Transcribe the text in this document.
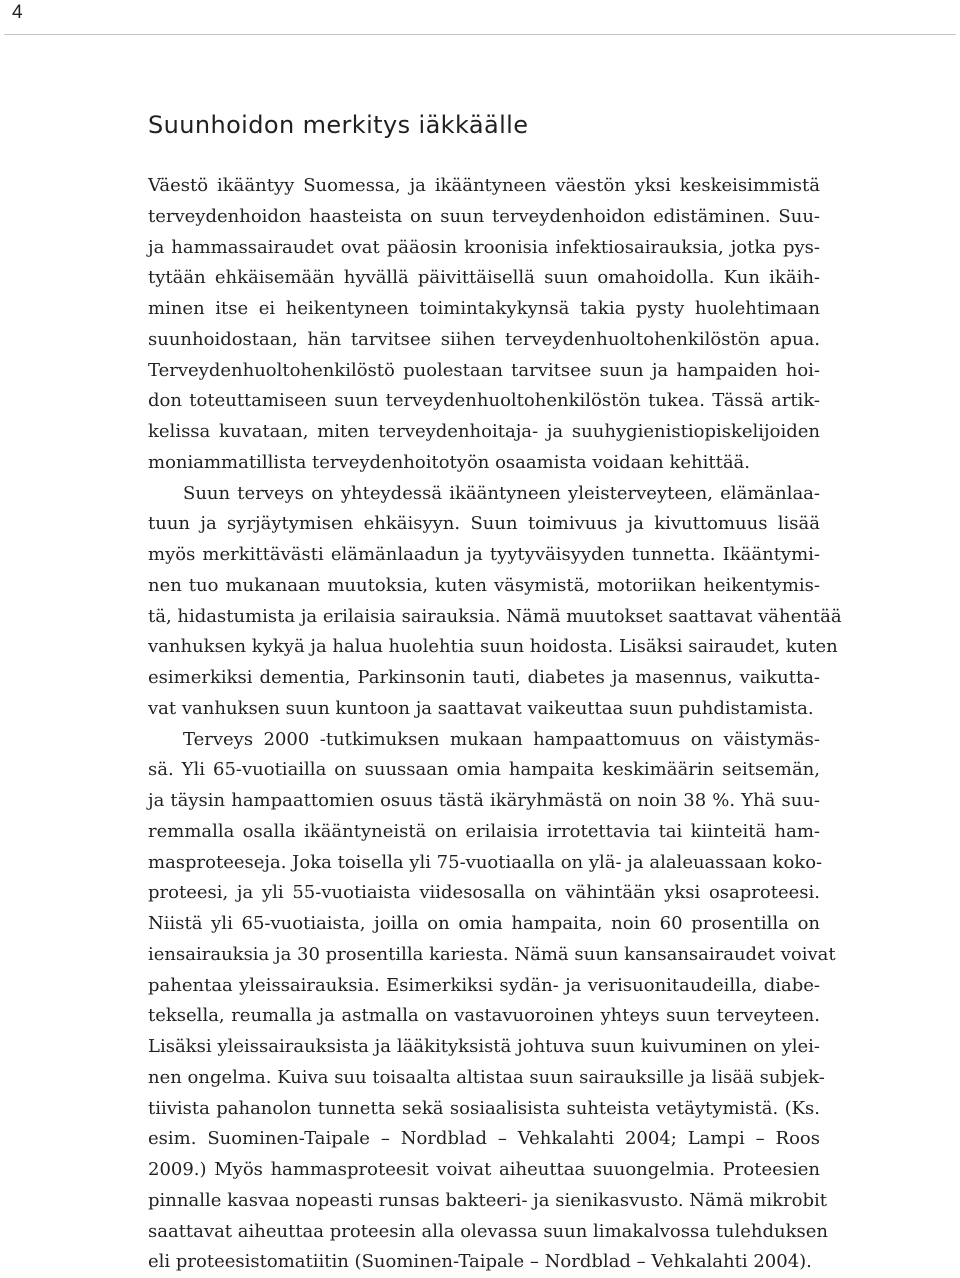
4
Suunhoidon merkitys iäkkäälle
Väestö ikääntyy Suomessa, ja ikääntyneen väestön yksi keskeisimmistä
terveydenhoidon haasteista on suun terveydenhoidon edistäminen. Suu-
ja hammassairaudet ovat pääosin kroonisia infektiosairauksia, jotka pys-
tytään ehkäisemään hyvällä päivittäisellä suun omahoidolla. Kun ikäih-
minen itse ei heikentyneen toimintakykynsä takia pysty huolehtimaan
suunhoidostaan, hän tarvitsee siihen terveydenhuoltohenkilöstön apua.
Terveydenhuoltohenkilöstö puolestaan tarvitsee suun ja hampaiden hoi-
don toteuttamiseen suun terveydenhuoltohenkilöstön tukea. Tässä artik-
kelissa kuvataan, miten terveydenhoitaja- ja suuhygienistiopiskelijoiden
moniammatillista terveydenhoitotyön osaamista voidaan kehittää.
Suun terveys on yhteydessä ikääntyneen yleisterveyteen, elämänlaa-
tuun ja syrjäytymisen ehkäisyyn. Suun toimivuus ja kivuttomuus lisää
myös merkittävästi elämänlaadun ja tyytyväisyyden tunnetta. Ikääntymi-
nen tuo mukanaan muutoksia, kuten väsymistä, motoriikan heikentymis-
tä, hidastumista ja erilaisia sairauksia. Nämä muutokset saattavat vähentää
vanhuksen kykyä ja halua huolehtia suun hoidosta. Lisäksi sairaudet, kuten
esimerkiksi dementia, Parkinsonin tauti, diabetes ja masennus, vaikutta-
vat vanhuksen suun kuntoon ja saattavat vaikeuttaa suun puhdistamista.
Terveys 2000 -tutkimuksen mukaan hampaattomuus on väistymäs-
sä. Yli 65-vuotiailla on suussaan omia hampaita keskimäärin seitsemän,
ja täysin hampaattomien osuus tästä ikäryhmästä on noin 38 %. Yhä suu-
remmalla osalla ikääntyneistä on erilaisia irrotettavia tai kiinteitä ham-
masproteeseja. Joka toisella yli 75-vuotiaalla on ylä- ja alaleuassaan koko-
proteesi, ja yli 55-vuotiaista viidesosalla on vähintään yksi osaproteesi.
Niistä yli 65-vuotiaista, joilla on omia hampaita, noin 60 prosentilla on
iensairauksia ja 30 prosentilla kariesta. Nämä suun kansansairaudet voivat
pahentaa yleissairauksia. Esimerkiksi sydän- ja verisuonitaudeilla, diabe-
teksella, reumalla ja astmalla on vastavuoroinen yhteys suun terveyteen.
Lisäksi yleissairauksista ja lääkityksistä johtuva suun kuivuminen on ylei-
nen ongelma. Kuiva suu toisaalta altistaa suun sairauksille ja lisää subjek-
tiivista pahanolon tunnetta sekä sosiaalisista suhteista vetäytymistä. (Ks.
esim. Suominen-Taipale – Nordblad – Vehkalahti 2004; Lampi – Roos
2009.) Myös hammasproteesit voivat aiheuttaa suuongelmia. Proteesien
pinnalle kasvaa nopeasti runsas bakteeri- ja sienikasvusto. Nämä mikrobit
saattavat aiheuttaa proteesin alla olevassa suun limakalvossa tulehduksen
eli proteesistomatiitin (Suominen-Taipale – Nordblad – Vehkalahti 2004).
